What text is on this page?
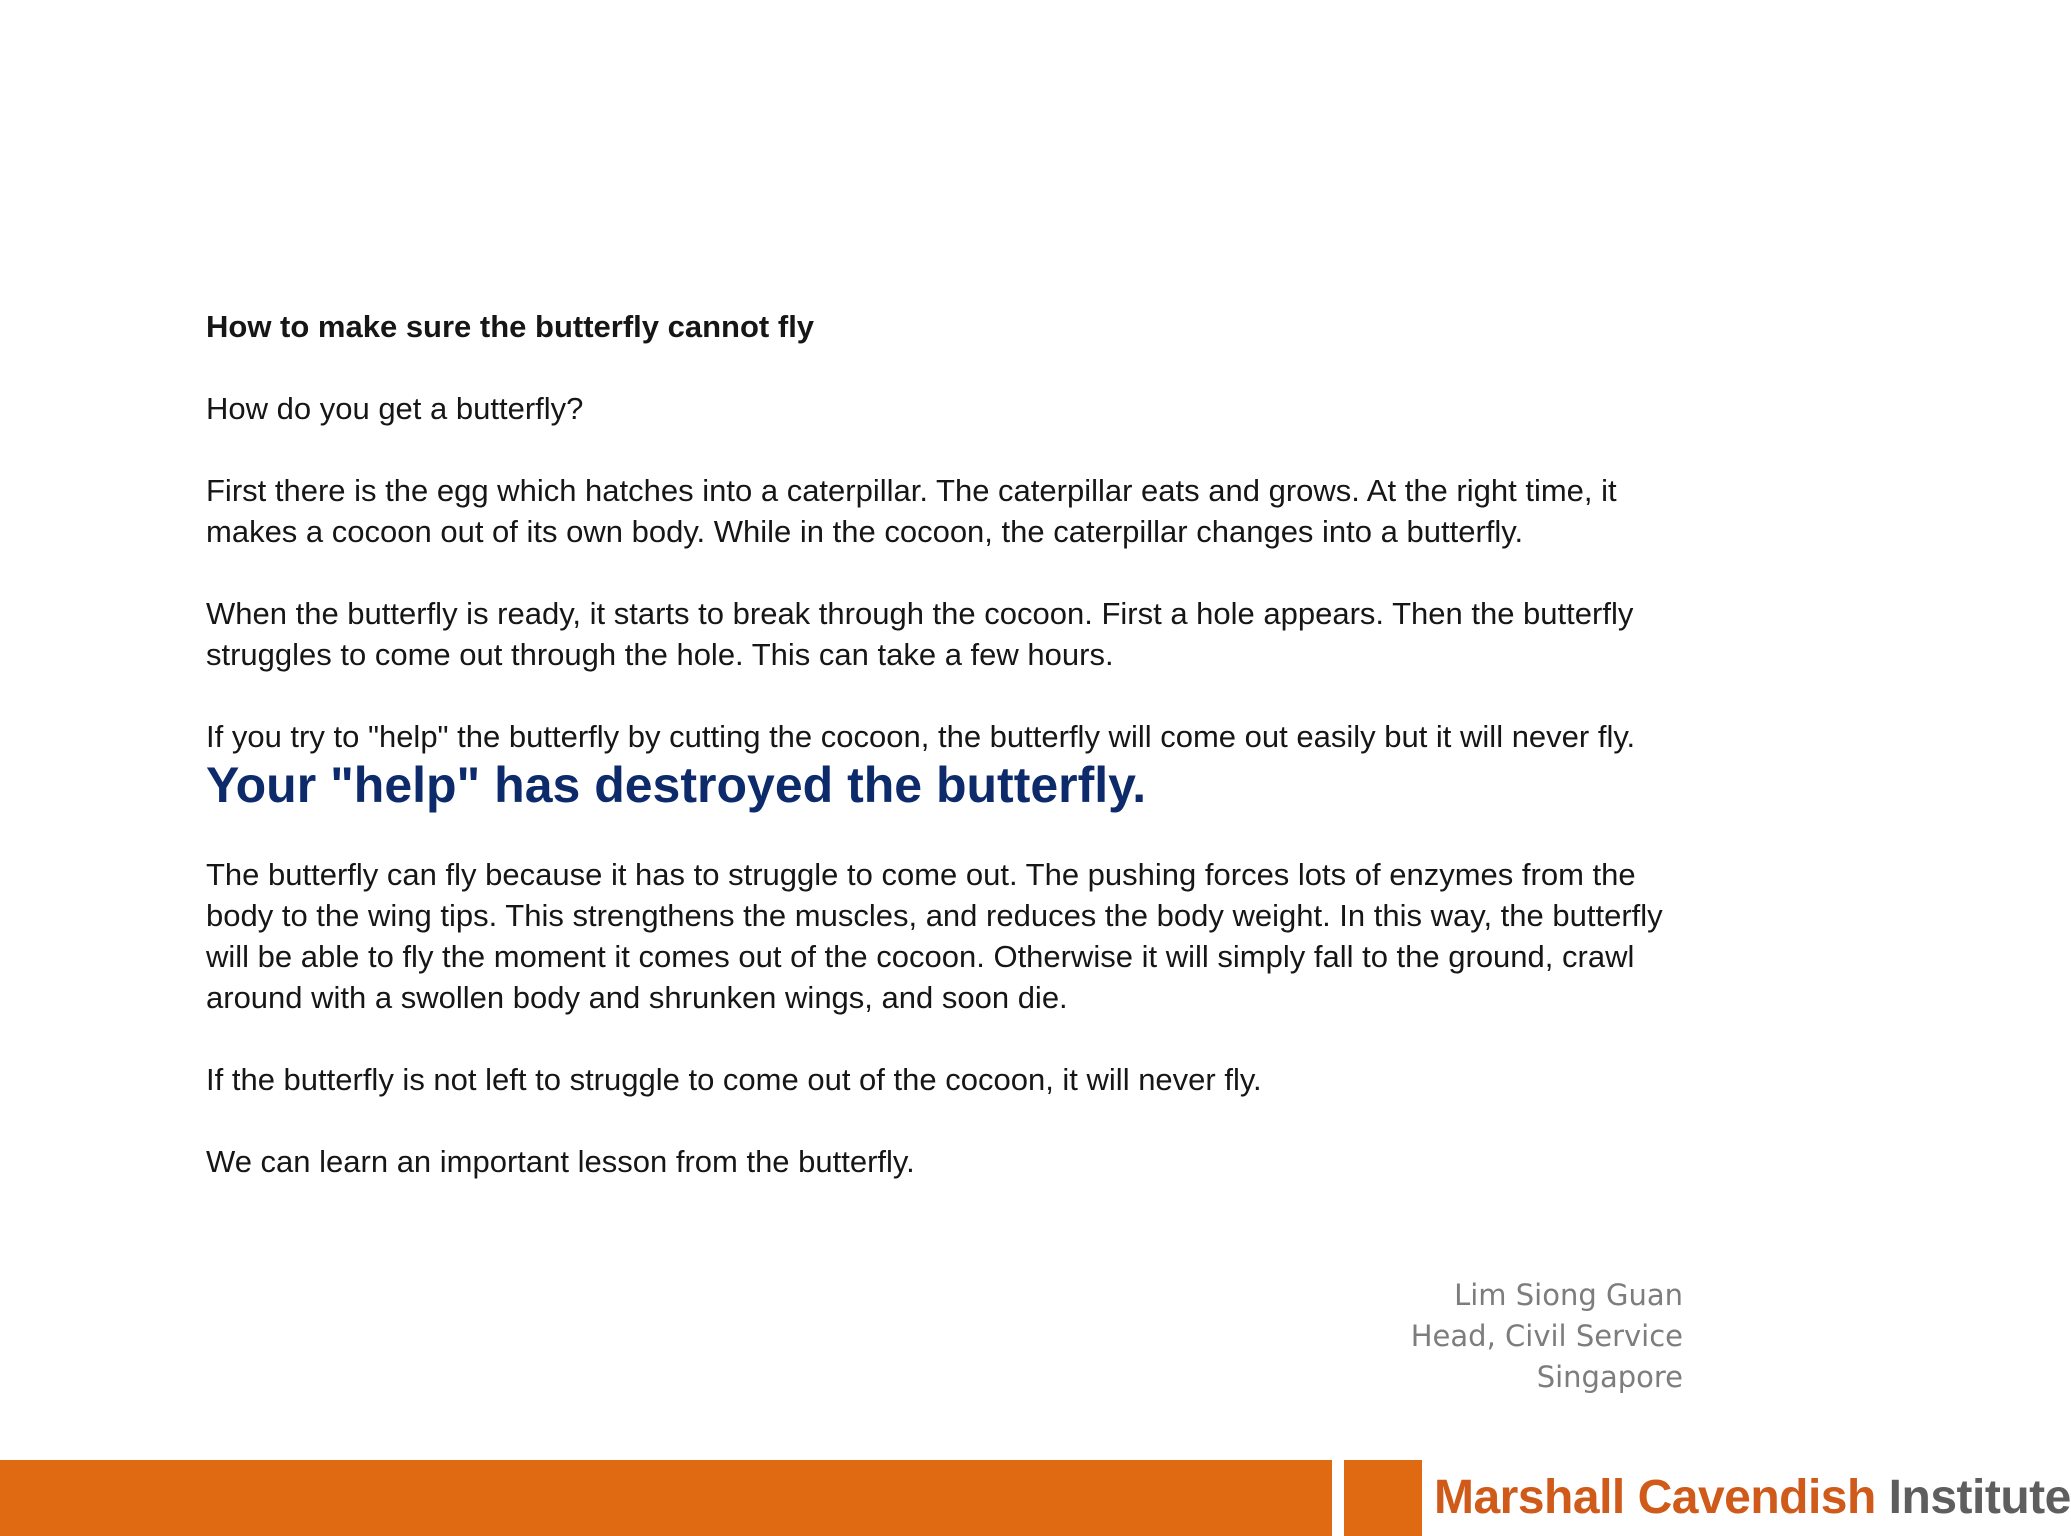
How to make sure the butterfly cannot fly
How do you get a butterfly?
First there is the egg which hatches into a caterpillar. The caterpillar eats and grows. At the right time, it makes a cocoon out of its own body. While in the cocoon, the caterpillar changes into a butterfly.
When the butterfly is ready, it starts to break through the cocoon. First a hole appears. Then the butterfly struggles to come out through the hole. This can take a few hours.
If you try to "help" the butterfly by cutting the cocoon, the butterfly will come out easily but it will never fly. Your "help" has destroyed the butterfly.
The butterfly can fly because it has to struggle to come out. The pushing forces lots of enzymes from the body to the wing tips. This strengthens the muscles, and reduces the body weight. In this way, the butterfly will be able to fly the moment it comes out of the cocoon. Otherwise it will simply fall to the ground, crawl around with a swollen body and shrunken wings, and soon die.
If the butterfly is not left to struggle to come out of the cocoon, it will never fly.
We can learn an important lesson from the butterfly.
Lim Siong Guan
Head, Civil Service
Singapore
Marshall Cavendish Institute
